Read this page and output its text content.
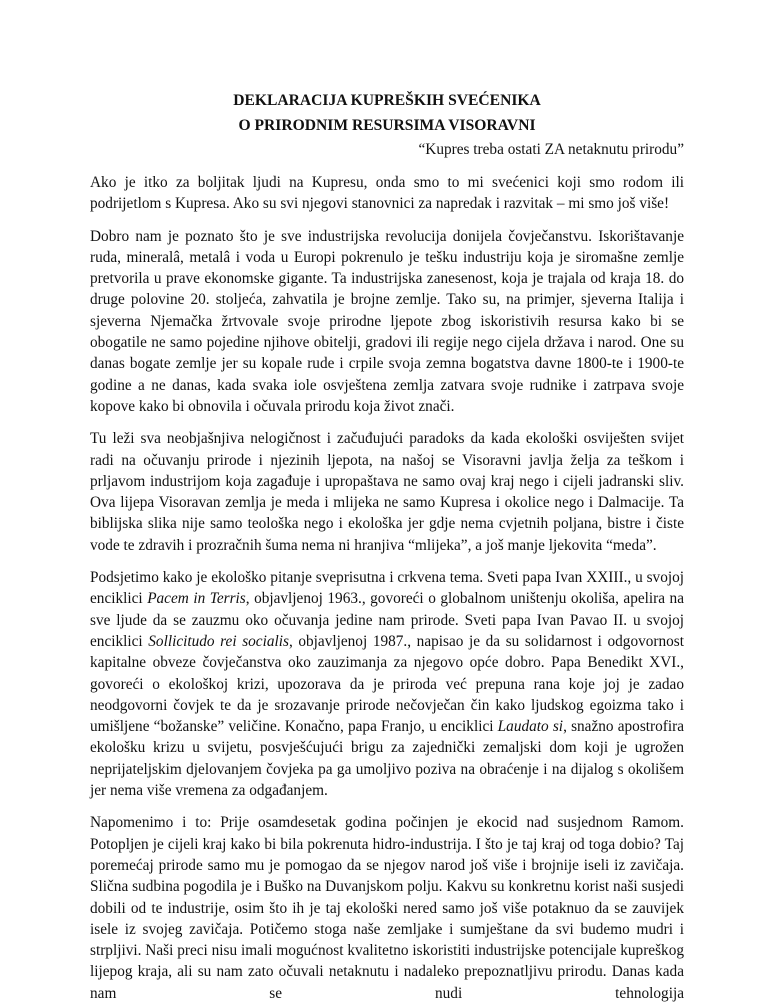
DEKLARACIJA KUPREŠKIH SVEĆENIKA
O PRIRODNIM RESURSIMA VISORAVNI
“Kupres treba ostati ZA netaknutu prirodu”

Ako je itko za boljitak ljudi na Kupresu, onda smo to mi svećenici koji smo rodom ili podrijetlom s Kupresa. Ako su svi njegovi stanovnici za napredak i razvitak – mi smo još više!

Dobro nam je poznato što je sve industrijska revolucija donijela čovječanstvu. Iskorištavanje ruda, mineralâ, metalâ i voda u Europi pokrenulo je tešku industriju koja je siromašne zemlje pretvorila u prave ekonomske gigante. Ta industrijska zanesenost, koja je trajala od kraja 18. do druge polovine 20. stoljeća, zahvatila je brojne zemlje. Tako su, na primjer, sjeverna Italija i sjeverna Njemačka žrtvovale svoje prirodne ljepote zbog iskoristivih resursa kako bi se obogatile ne samo pojedine njihove obitelji, gradovi ili regije nego cijela država i narod. One su danas bogate zemlje jer su kopale rude i crpile svoja zemna bogatstva davne 1800-te i 1900-te godine a ne danas, kada svaka iole osvještena zemlja zatvara svoje rudnike i zatrpava svoje kopove kako bi obnovila i očuvala prirodu koja život znači.

Tu leži sva neobjašnjiva nelogičnost i začuđujući paradoks da kada ekološki osviješten svijet radi na očuvanju prirode i njezinih ljepota, na našoj se Visoravni javlja želja za teškom i prljavom industrijom koja zagađuje i upropaštava ne samo ovaj kraj nego i cijeli jadranski sliv. Ova lijepa Visoravan zemlja je meda i mlijeka ne samo Kupresa i okolice nego i Dalmacije. Ta biblijska slika nije samo teološka nego i ekološka jer gdje nema cvjetnih poljana, bistre i čiste vode te zdravih i prozračnih šuma nema ni hranjiva “mlijeka”, a još manje ljekovita “meda”.

Podsjetimo kako je ekološko pitanje sveprisutna i crkvena tema. Sveti papa Ivan XXIII., u svojoj enciklici Pacem in Terris, objavljenoj 1963., govoreći o globalnom uništenju okoliša, apelira na sve ljude da se zauzmu oko očuvanja jedine nam prirode. Sveti papa Ivan Pavao II. u svojoj enciklici Sollicitudo rei socialis, objavljenoj 1987., napisao je da su solidarnost i odgovornost kapitalne obveze čovječanstva oko zauzimanja za njegovo opće dobro. Papa Benedikt XVI., govoreći o ekološkoj krizi, upozorava da je priroda već prepuna rana koje joj je zadao neodgovorni čovjek te da je srozavanje prirode nečovječan čin kako ljudskog egoizma tako i umišljene “božanske” veličine. Konačno, papa Franjo, u enciklici Laudato si, snažno apostrofira ekološku krizu u svijetu, posvješćujući brigu za zajednički zemaljski dom koji je ugrožen neprijateljskim djelovanjem čovjeka pa ga umoljivo poziva na obraćenje i na dijalog s okolišem jer nema više vremena za odgađanjem.

Napomenimo i to: Prije osamdesetak godina počinjen je ekocid nad susjednom Ramom. Potopljen je cijeli kraj kako bi bila pokrenuta hidro-industrija. I što je taj kraj od toga dobio? Taj poremećaj prirode samo mu je pomogao da se njegov narod još više i brojnije iseli iz zavičaja. Slična sudbina pogodila je i Buško na Duvanjskom polju. Kakvu su konkretnu korist naši susjedi dobili od te industrije, osim što ih je taj ekološki nered samo još više potaknuo da se zauvijek isele iz svojeg zavičaja. Potičemo stoga naše zemljake i sumještane da svi budemo mudri i strpljivi. Naši preci nisu imali mogućnost kvalitetno iskoristiti industrijske potencijale kupreškog lijepog kraja, ali su nam zato očuvali netaknutu i nadaleko prepoznatljivu prirodu. Danas kada nam se nudi tehnologija
